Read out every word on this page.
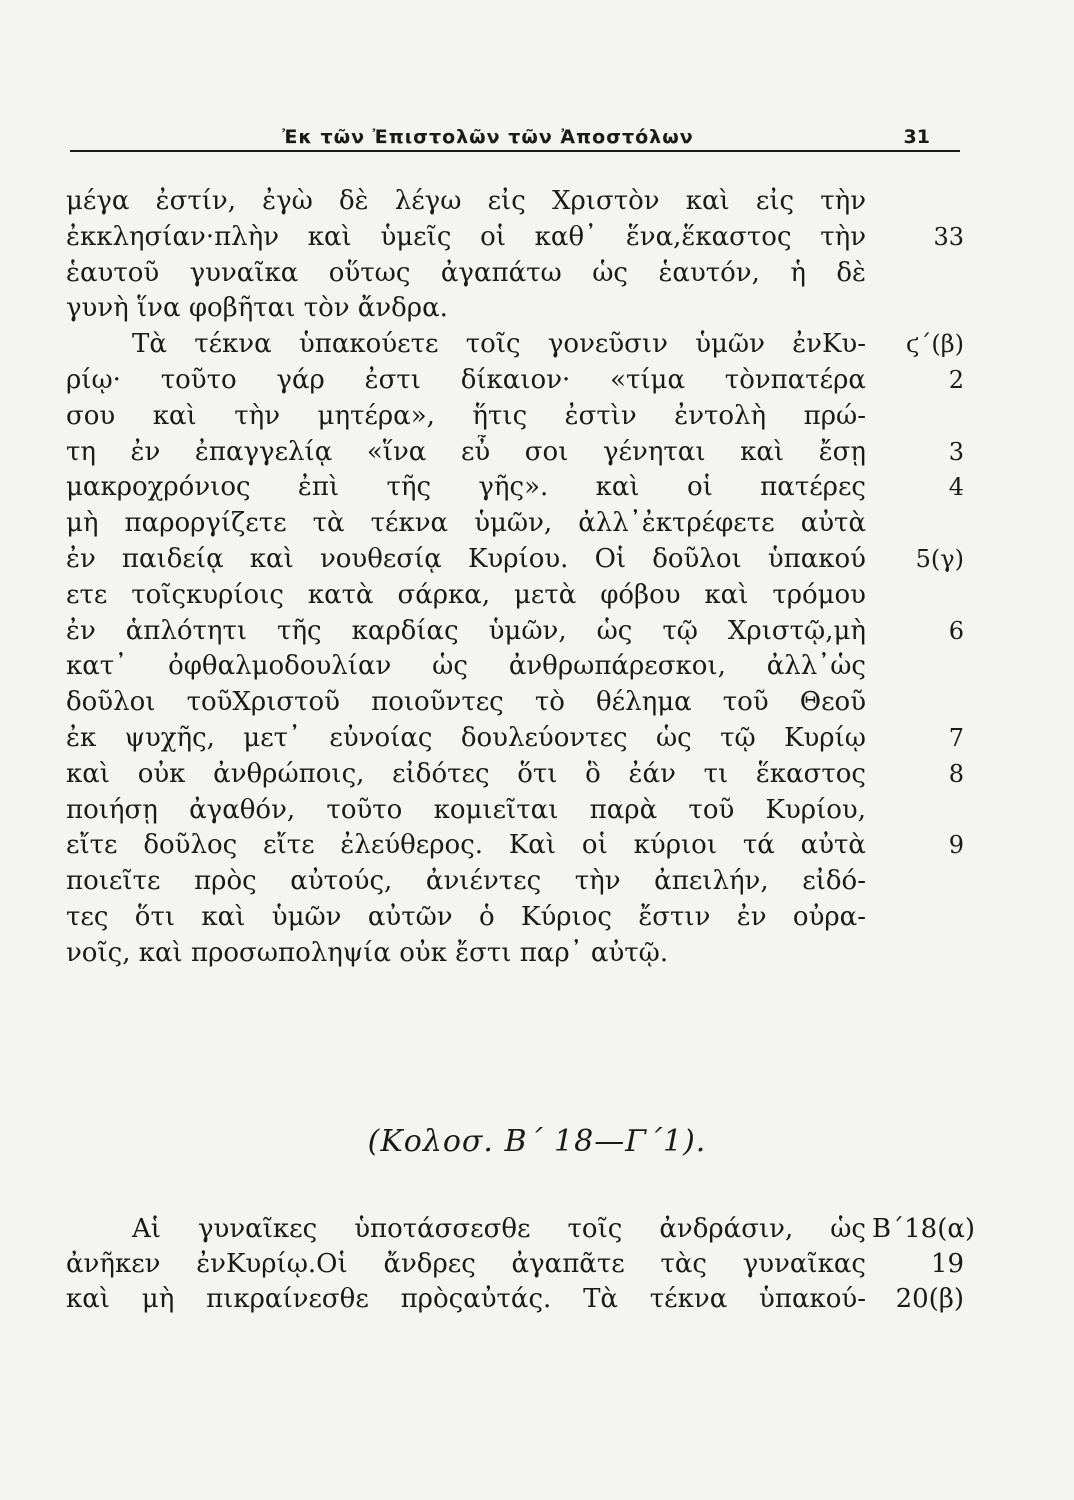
Ἐκ τῶν Ἐπιστολῶν τῶν Ἀποστόλων	31
μέγα ἐστίν, ἐγὼ δὲ λέγω εἰς Χριστὸν καὶ εἰς τὴν
ἐκκλησίαν·πλὴν καὶ ὑμεῖς οἱ καθ᾽ ἕνα,ἕκαστος τὴν
ἑαυτοῦ γυναῖκα οὕτως ἀγαπάτω ὡς ἑαυτόν, ἡ δὲ
γυνὴ ἵνα φοβῆται τὸν ἄνδρα.
Τὰ τέκνα ὑπακούετε τοῖς γονεῦσιν ὑμῶν ἐνΚυ-
ρίῳ· τοῦτο γάρ ἐστι δίκαιον· «τίμα τὸνπατέρα
σου καὶ τὴν μητέρα», ἥτις ἐστὶν ἐντολὴ πρώ-
τη ἐν ἐπαγγελίᾳ «ἵνα εὖ σοι γένηται καὶ ἔσῃ
μακροχρόνιος ἐπὶ τῆς γῆς». καὶ οἱ πατέρες
μὴ παροργίζετε τὰ τέκνα ὑμῶν, ἀλλ᾽ἐκτρέφετε αὐτὰ
ἐν παιδείᾳ καὶ νουθεσίᾳ Κυρίου. Οἱ δοῦλοι ὑπακού
ετε τοῖςκυρίοις κατὰ σάρκα, μετὰ φόβου καὶ τρόμου
ἐν ἁπλότητι τῆς καρδίας ὑμῶν, ὡς τῷ Χριστῷ,μὴ
κατ᾽ ὀφθαλμοδουλίαν ὡς ἀνθρωπάρεσκοι, ἀλλ᾽ὡς
δοῦλοι τοῦΧριστοῦ ποιοῦντες τὸ θέλημα τοῦ Θεοῦ
ἐκ ψυχῆς, μετ᾽ εὐνοίας δουλεύοντες ὡς τῷ Κυρίῳ
καὶ οὐκ ἀνθρώποις, εἰδότες ὅτι ὃ ἐάν τι ἕκαστος
ποιήσῃ ἀγαθόν, τοῦτο κομιεῖται παρὰ τοῦ Κυρίου,
εἴτε δοῦλος εἴτε ἐλεύθερος. Καὶ οἱ κύριοι τά αὐτὰ
ποιεῖτε πρὸς αὐτούς, ἀνιέντες τὴν ἀπειλήν, εἰδό-
τες ὅτι καὶ ὑμῶν αὐτῶν ὁ Κύριος ἔστιν ἐν οὐρα-
νοῖς, καὶ προσωποληψία οὐκ ἔστι παρ᾽ αὐτῷ.
33
ϛ΄(β)
2
3
4
5(γ)
6
7
8
9
(Κολοσ. Β΄ 18—Γ΄1).
Αἱ γυναῖκες ὑποτάσσεσθε τοῖς ἀνδράσιν, ὡς
ἀνῆκεν ἐνΚυρίῳ.Οἱ ἄνδρες ἀγαπᾶτε τὰς γυναῖκας
καὶ μὴ πικραίνεσθε πρὸςαὐτάς. Τὰ τέκνα ὑπακού-
Β΄18(α)
19
20(β)
